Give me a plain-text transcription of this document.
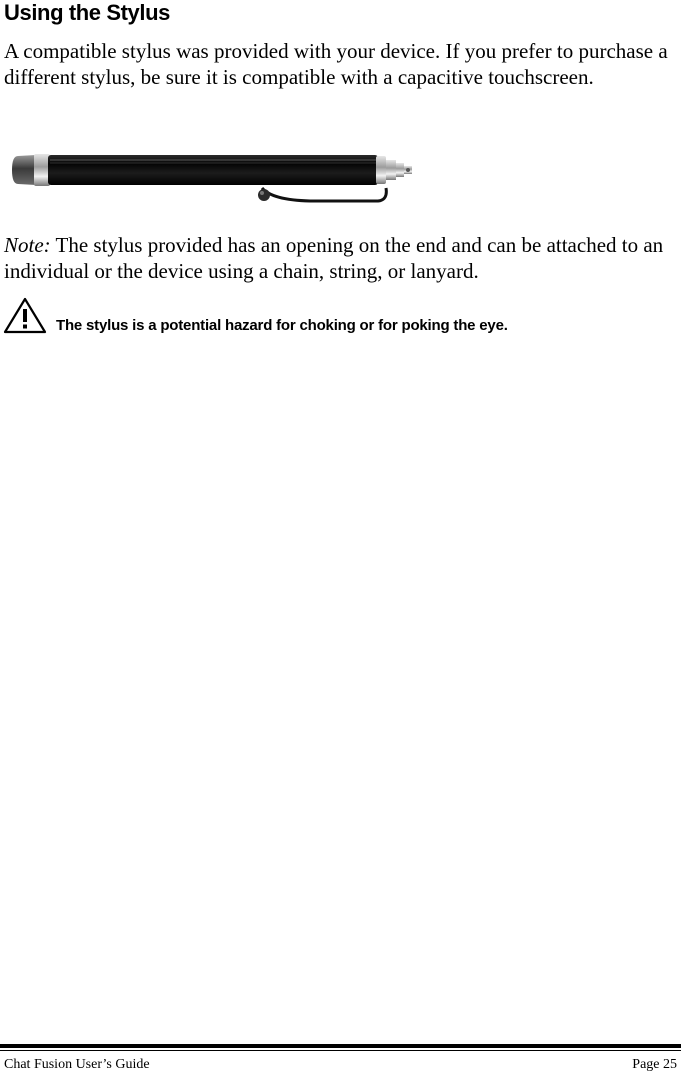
Using the Stylus

A compatible stylus was provided with your device. If you prefer to purchase a different stylus, be sure it is compatible with a capacitive touchscreen.

Note: The stylus provided has an opening on the end and can be attached to an individual or the device using a chain, string, or lanyard.

The stylus is a potential hazard for choking or for poking the eye.
Chat Fusion User’s Guide	Page 25
